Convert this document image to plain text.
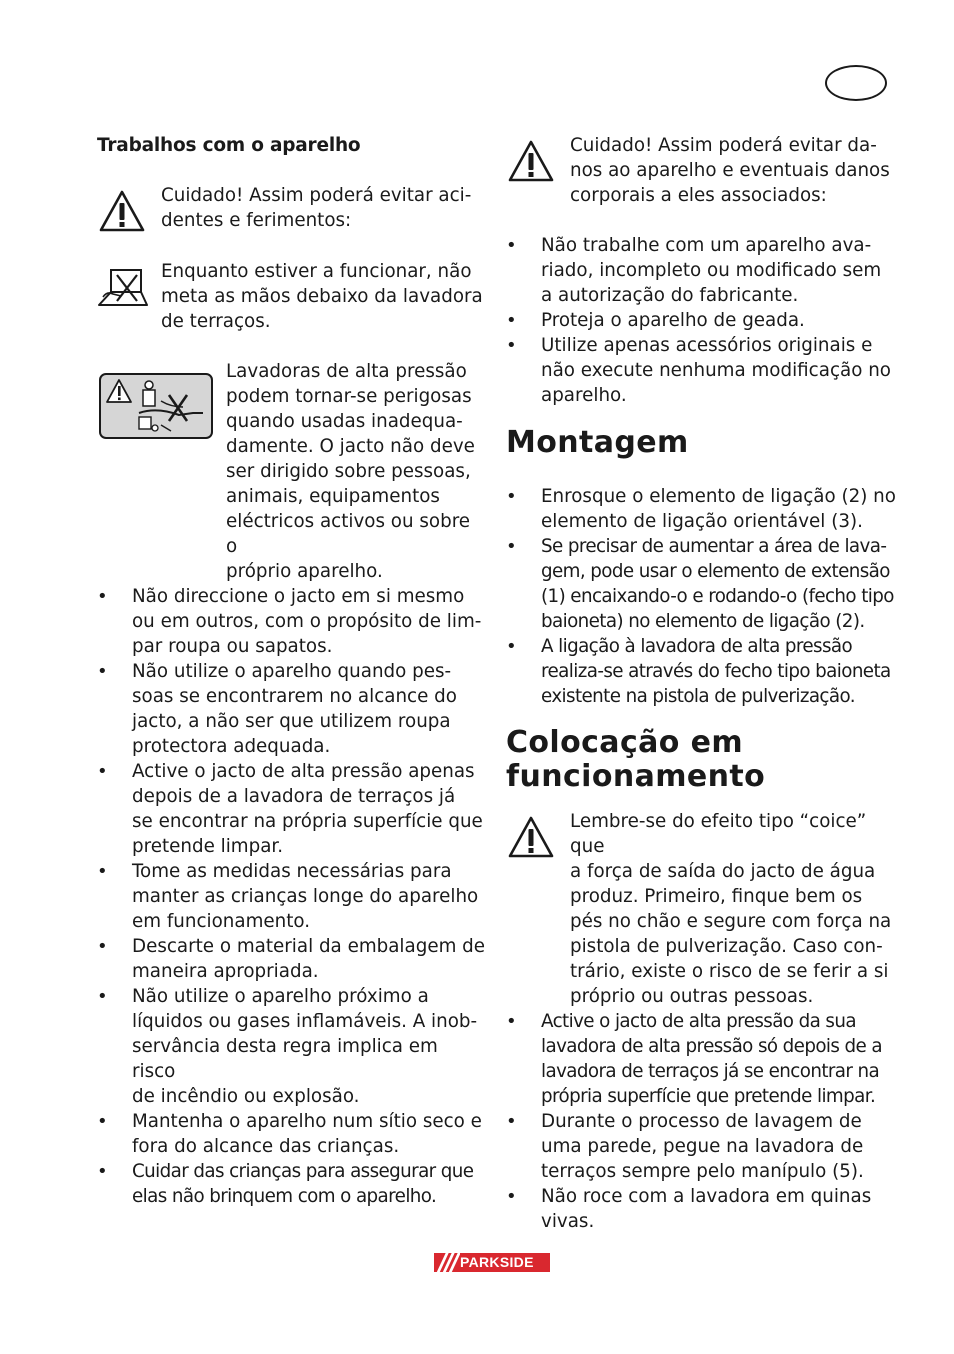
Trabalhos com o aparelho
Cuidado! Assim poderá evitar aci-
dentes e ferimentos:
Enquanto estiver a funcionar, não
meta as mãos debaixo da lavadora
de terraços.
Lavadoras de alta pressão
podem tornar-se perigosas
quando usadas inadequa-
damente. O jacto não deve
ser dirigido sobre pessoas,
animais, equipamentos
eléctricos activos ou sobre o
próprio aparelho.
• Não direccione o jacto em si mesmo
ou em outros, com o propósito de lim-
par roupa ou sapatos.
• Não utilize o aparelho quando pes-
soas se encontrarem no alcance do
jacto, a não ser que utilizem roupa
protectora adequada.
• Active o jacto de alta pressão apenas
depois de a lavadora de terraços já
se encontrar na própria superfície que
pretende limpar.
• Tome as medidas necessárias para
manter as crianças longe do aparelho
em funcionamento.
• Descarte o material da embalagem de
maneira apropriada.
• Não utilize o aparelho próximo a
líquidos ou gases inflamáveis. A inob-
servância desta regra implica em risco
de incêndio ou explosão.
• Mantenha o aparelho num sítio seco e
fora do alcance das crianças.
• Cuidar das crianças para assegurar que
elas não brinquem com o aparelho.
Cuidado! Assim poderá evitar da-
nos ao aparelho e eventuais danos
corporais a eles associados:
• Não trabalhe com um aparelho ava-
riado, incompleto ou modificado sem
a autorização do fabricante.
• Proteja o aparelho de geada.
• Utilize apenas acessórios originais e
não execute nenhuma modificação no
aparelho.
Montagem
• Enrosque o elemento de ligação (2) no
elemento de ligação orientável (3).
• Se precisar de aumentar a área de lava-
gem, pode usar o elemento de extensão
(1) encaixando-o e rodando-o (fecho tipo
baioneta) no elemento de ligação (2).
• A ligação à lavadora de alta pressão
realiza-se através do fecho tipo baioneta
existente na pistola de pulverização.
Colocação em
funcionamento
Lembre-se do efeito tipo “coice” que
a força de saída do jacto de água
produz. Primeiro, finque bem os
pés no chão e segure com força na
pistola de pulverização. Caso con-
trário, existe o risco de se ferir a si
próprio ou outras pessoas.
• Active o jacto de alta pressão da sua
lavadora de alta pressão só depois de a
lavadora de terraços já se encontrar na
própria superfície que pretende limpar.
• Durante o processo de lavagem de
uma parede, pegue na lavadora de
terraços sempre pelo manípulo (5).
• Não roce com a lavadora em quinas
vivas.
PARKSIDE
